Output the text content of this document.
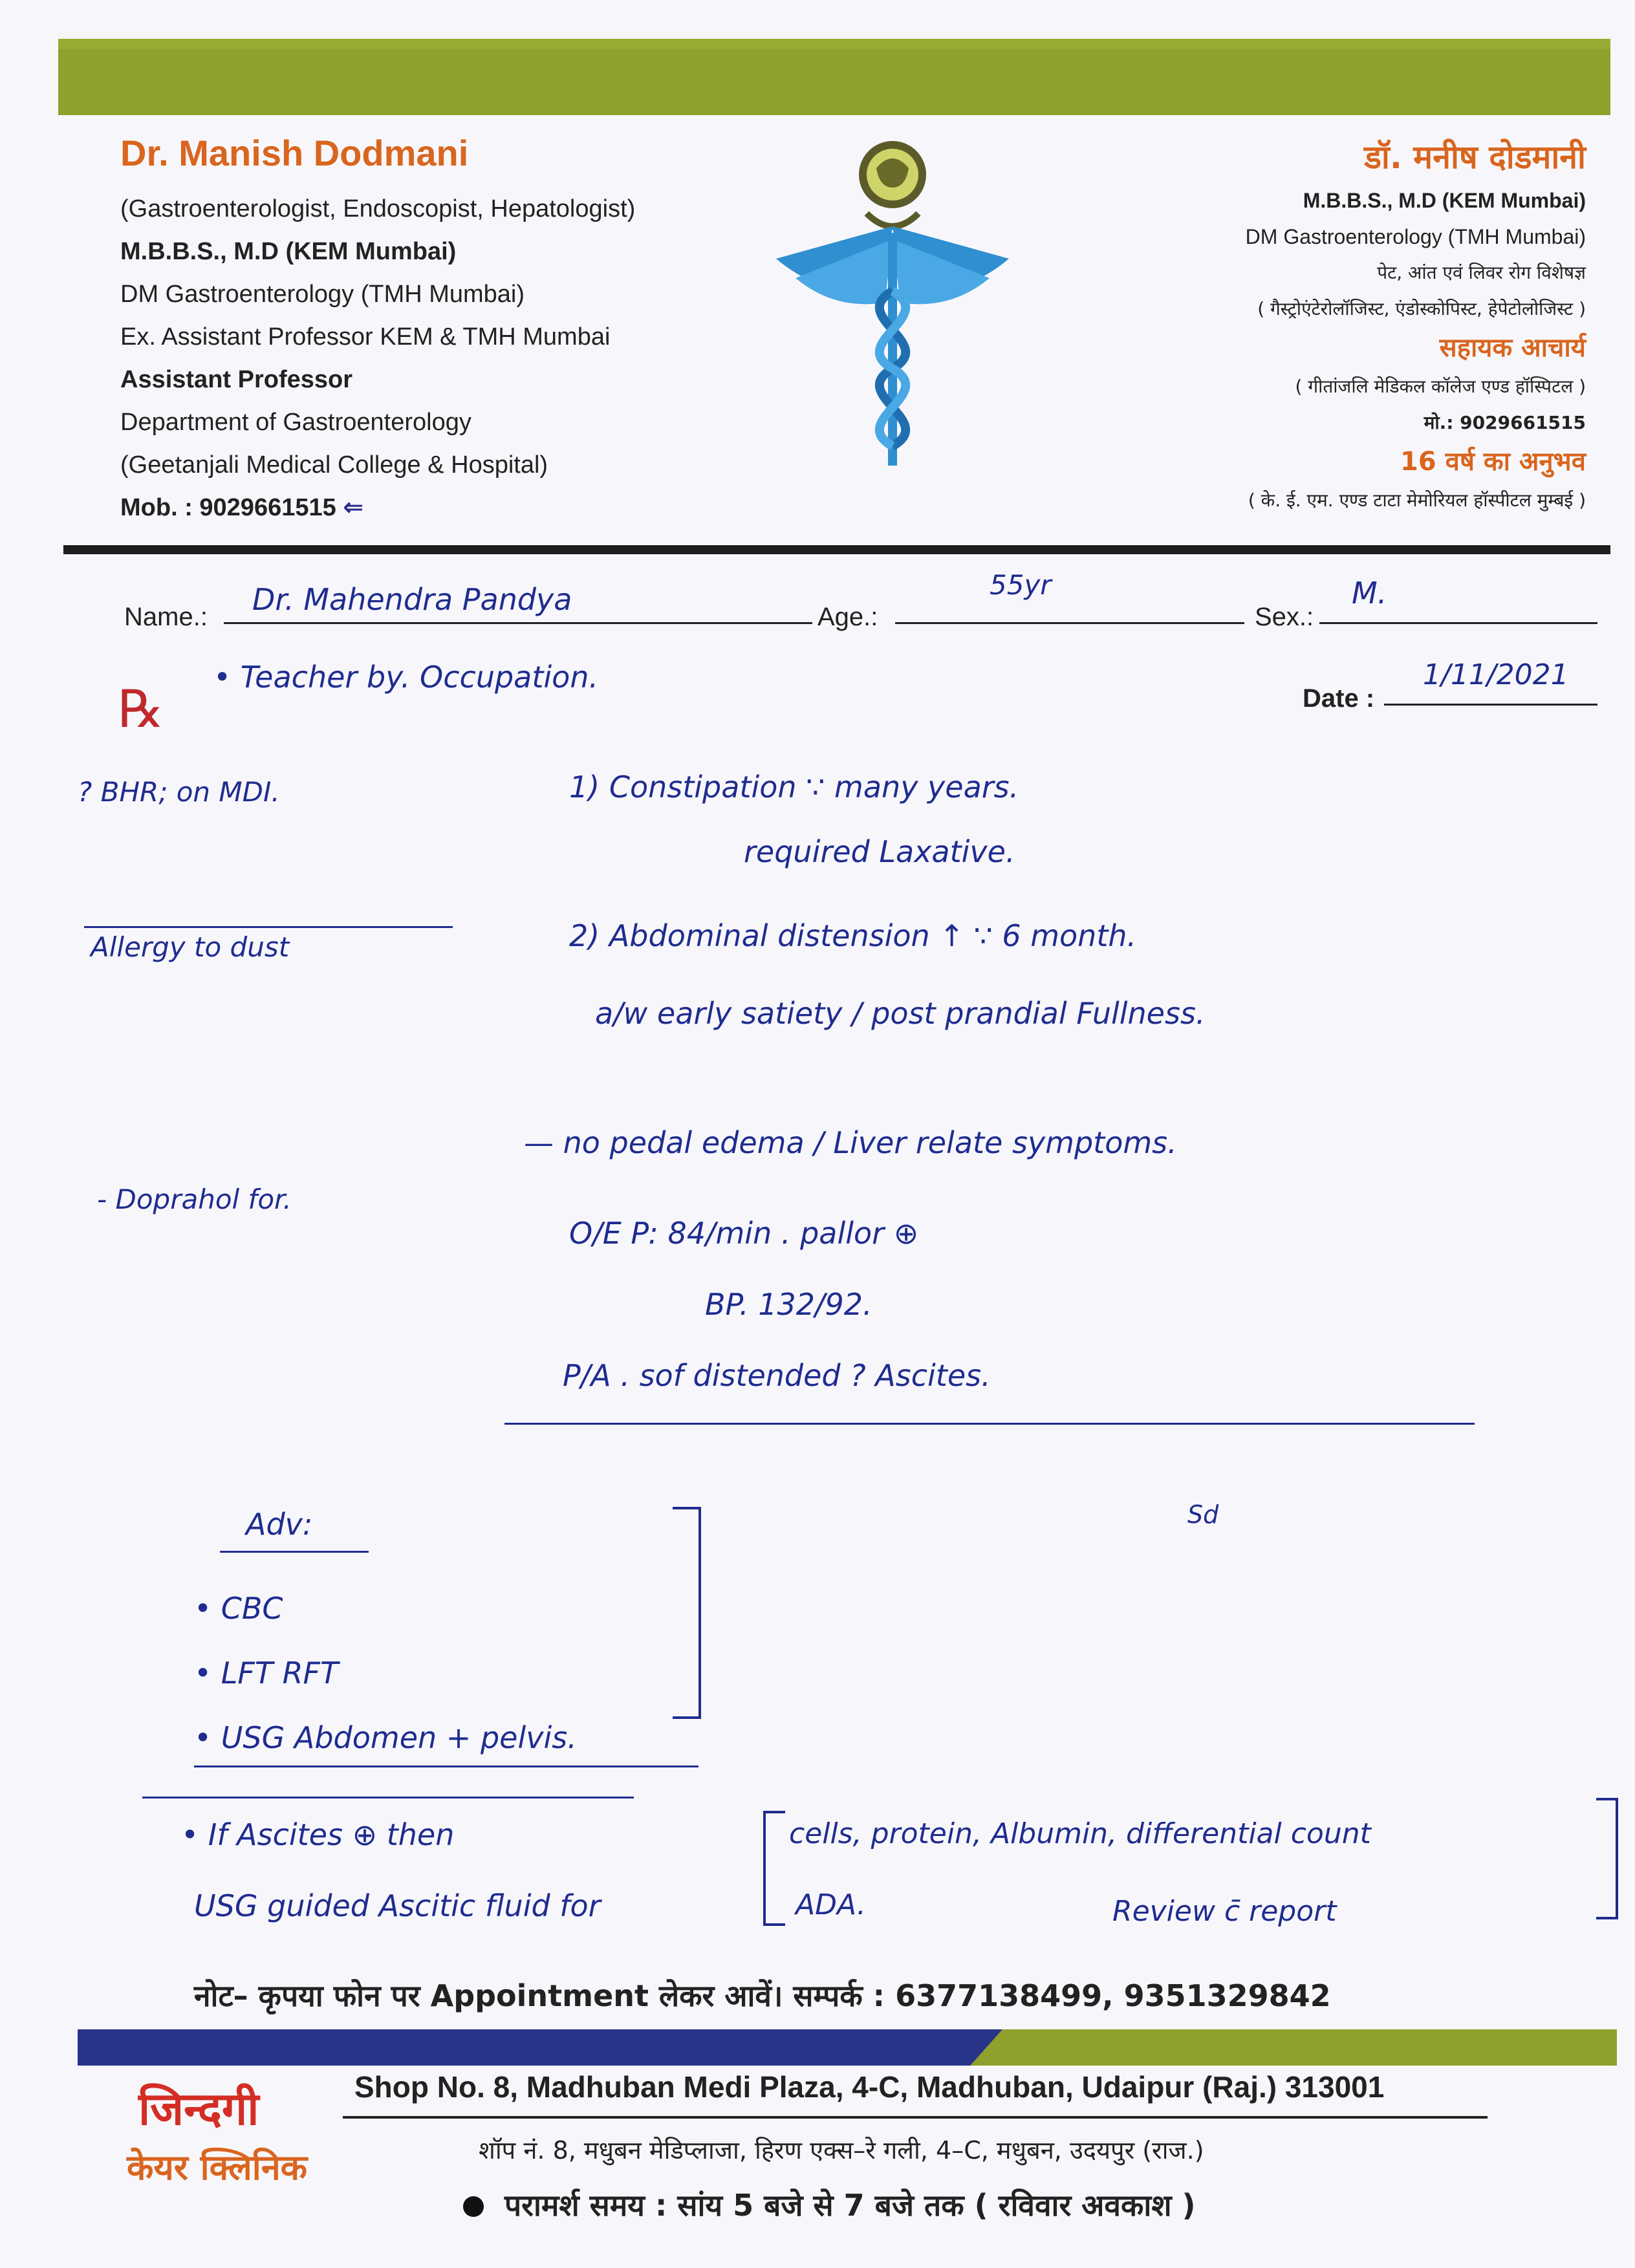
Dr. Manish Dodmani
(Gastroenterologist, Endoscopist, Hepatologist)
M.B.B.S., M.D (KEM Mumbai)
DM Gastroenterology (TMH Mumbai)
Ex. Assistant Professor KEM & TMH Mumbai
Assistant Professor
Department of Gastroenterology
(Geetanjali Medical College & Hospital)
Mob. : 9029661515 ⇐
डॉ. मनीष दोडमानी
M.B.B.S., M.D (KEM Mumbai)
DM Gastroenterology (TMH Mumbai)
पेट, आंत एवं लिवर रोग विशेषज्ञ
( गैस्ट्रोएंटेरोलॉजिस्ट, एंडोस्कोपिस्ट, हेपेटोलोजिस्ट )
सहायक आचार्य
( गीतांजलि मेडिकल कॉलेज एण्ड हॉस्पिटल )
मो.: 9029661515
16 वर्ष का अनुभव
( के. ई. एम. एण्ड टाटा मेमोरियल हॉस्पीटल मुम्बई )
Name.: Dr. Mahendra Pandya	Age.:
55yr
Sex.:
M.
Date :
1/11/2021
℞
• Teacher by. Occupation.
? BHR; on MDI.
Allergy to dust
- Doprahol for.
1) Constipation ∵ many years.
required Laxative.
2) Abdominal distension ↑ ∵ 6 month.
a/w early satiety / post prandial Fullness.
— no pedal edema / Liver relate symptoms.
O/E P: 84/min . pallor ⊕
BP. 132/92.
P/A . sof distended ? Ascites.
Adv:
• CBC
• LFT RFT
• USG Abdomen + pelvis.
Sd
• If Ascites ⊕ then
USG guided Ascitic fluid for
cells, protein, Albumin, differential count
ADA.	Review c̄ report
नोट– कृपया फोन पर Appointment लेकर आवें। सम्पर्क : 6377138499, 9351329842
जिन्दगी
केयर क्लिनिक
Shop No. 8, Madhuban Medi Plaza, 4-C, Madhuban, Udaipur (Raj.) 313001
शॉप नं. 8, मधुबन मेडिप्लाजा, हिरण एक्स–रे गली, 4–C, मधुबन, उदयपुर (राज.)
परामर्श समय : सांय 5 बजे से 7 बजे तक ( रविवार अवकाश )
